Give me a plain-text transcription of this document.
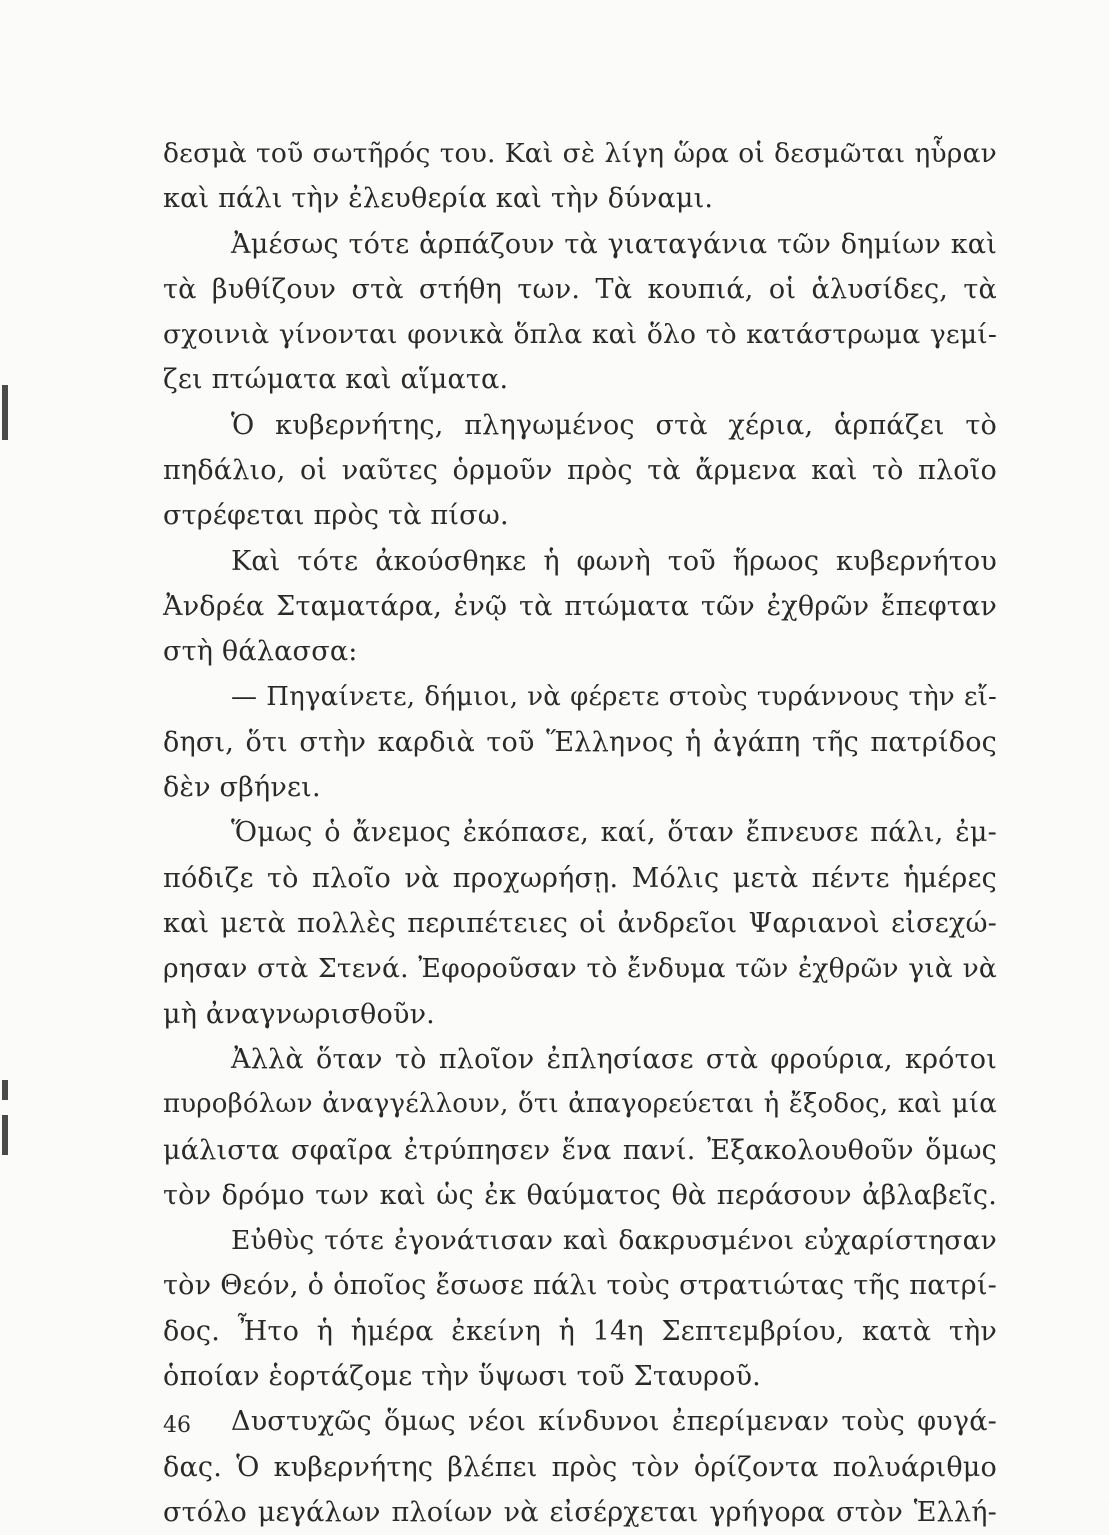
δεσμὰ τοῦ σωτῆρός του. Καὶ σὲ λίγη ὥρα οἱ δεσμῶται ηὗραν
καὶ πάλι τὴν ἐλευθερία καὶ τὴν δύναμι.
Ἀμέσως τότε ἁρπάζουν τὰ γιαταγάνια τῶν δημίων καὶ
τὰ βυθίζουν στὰ στήθη των. Τὰ κουπιά, οἱ ἁλυσίδες, τὰ
σχοινιὰ γίνονται φονικὰ ὅπλα καὶ ὅλο τὸ κατάστρωμα γεμί-
ζει πτώματα καὶ αἵματα.
Ὁ κυβερνήτης, πληγωμένος στὰ χέρια, ἁρπάζει τὸ
πηδάλιο, οἱ ναῦτες ὁρμοῦν πρὸς τὰ ἄρμενα καὶ τὸ πλοῖο
στρέφεται πρὸς τὰ πίσω.
Καὶ τότε ἀκούσθηκε ἡ φωνὴ τοῦ ἥρωος κυβερνήτου
Ἀνδρέα Σταματάρα, ἐνῷ τὰ πτώματα τῶν ἐχθρῶν ἔπεφταν
στὴ θάλασσα:
— Πηγαίνετε, δήμιοι, νὰ φέρετε στοὺς τυράννους τὴν εἴ-
δησι, ὅτι στὴν καρδιὰ τοῦ Ἕλληνος ἡ ἀγάπη τῆς πατρίδος
δὲν σβήνει.
Ὅμως ὁ ἄνεμος ἐκόπασε, καί, ὅταν ἔπνευσε πάλι, ἐμ-
πόδιζε τὸ πλοῖο νὰ προχωρήσῃ. Μόλις μετὰ πέντε ἡμέρες
καὶ μετὰ πολλὲς περιπέτειες οἱ ἀνδρεῖοι Ψαριανοὶ εἰσεχώ-
ρησαν στὰ Στενά. Ἐφοροῦσαν τὸ ἔνδυμα τῶν ἐχθρῶν γιὰ νὰ
μὴ ἀναγνωρισθοῦν.
Ἀλλὰ ὅταν τὸ πλοῖον ἐπλησίασε στὰ φρούρια, κρότοι
πυροβόλων ἀναγγέλλουν, ὅτι ἀπαγορεύεται ἡ ἔξοδος, καὶ μία
μάλιστα σφαῖρα ἐτρύπησεν ἕνα πανί. Ἐξακολουθοῦν ὅμως
τὸν δρόμο των καὶ ὡς ἐκ θαύματος θὰ περάσουν ἀβλαβεῖς.
Εὐθὺς τότε ἐγονάτισαν καὶ δακρυσμένοι εὐχαρίστησαν
τὸν Θεόν, ὁ ὁποῖος ἔσωσε πάλι τοὺς στρατιώτας τῆς πατρί-
δος. Ἦτο ἡ ἡμέρα ἐκείνη ἡ 14η Σεπτεμβρίου, κατὰ τὴν
ὁποίαν ἑορτάζομε τὴν ὕψωσι τοῦ Σταυροῦ.
Δυστυχῶς ὅμως νέοι κίνδυνοι ἐπερίμεναν τοὺς φυγά-
δας. Ὁ κυβερνήτης βλέπει πρὸς τὸν ὁρίζοντα πολυάριθμο
στόλο μεγάλων πλοίων νὰ εἰσέρχεται γρήγορα στὸν Ἑλλή-
46
